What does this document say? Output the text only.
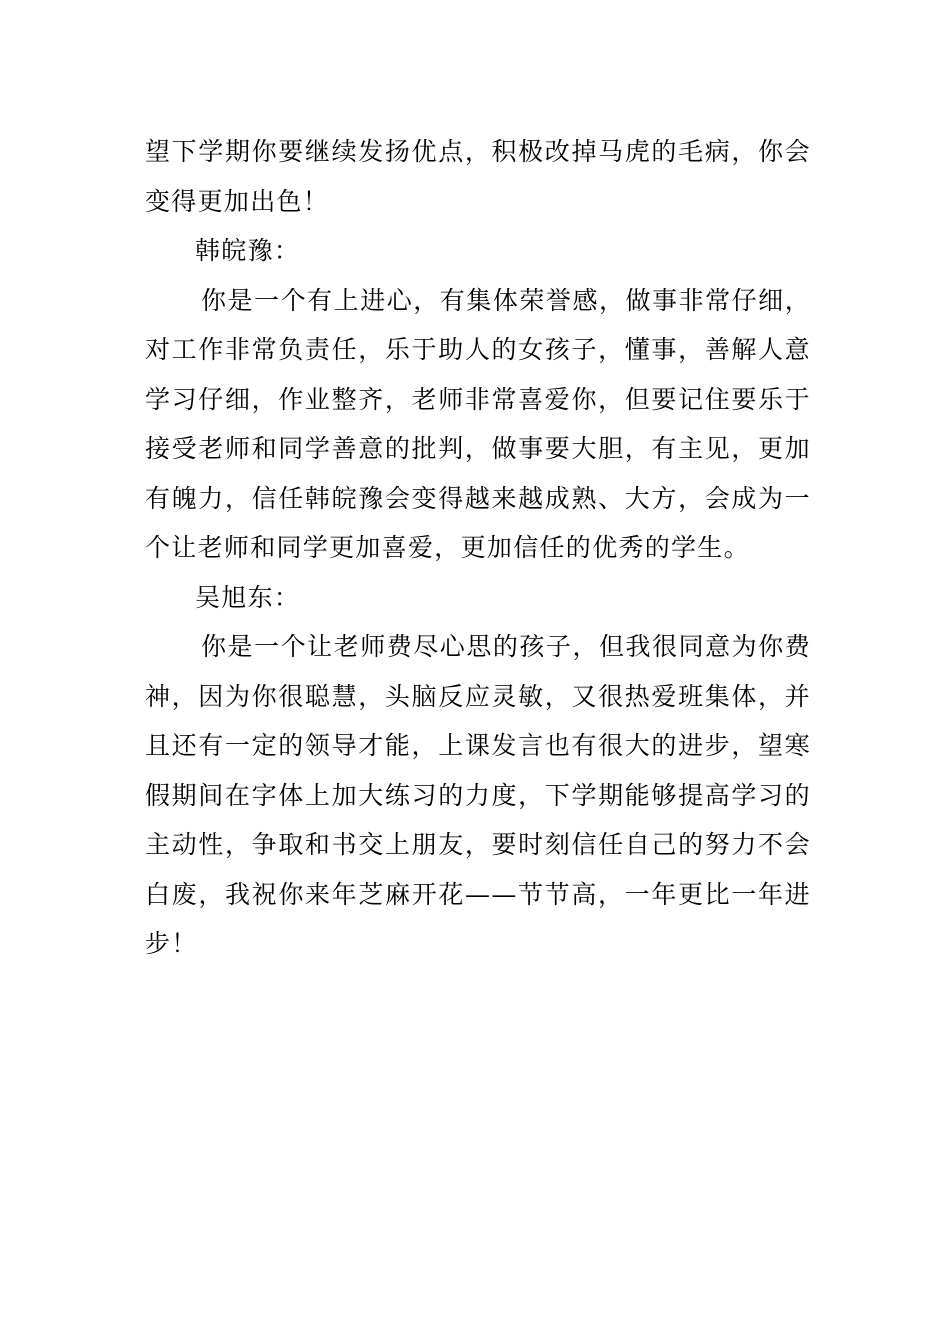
望下学期你要继续发扬优点，积极改掉马虎的毛病，你会变得更加出色！

韩皖豫：

你是一个有上进心，有集体荣誉感，做事非常仔细，对工作非常负责任，乐于助人的女孩子，懂事，善解人意学习仔细，作业整齐，老师非常喜爱你，但要记住要乐于接受老师和同学善意的批判，做事要大胆，有主见，更加有魄力，信任韩皖豫会变得越来越成熟、大方，会成为一个让老师和同学更加喜爱，更加信任的优秀的学生。

吴旭东：

你是一个让老师费尽心思的孩子，但我很同意为你费神，因为你很聪慧，头脑反应灵敏，又很热爱班集体，并且还有一定的领导才能，上课发言也有很大的进步，望寒假期间在字体上加大练习的力度，下学期能够提高学习的主动性，争取和书交上朋友，要时刻信任自己的努力不会白废，我祝你来年芝麻开花——节节高，一年更比一年进步！
